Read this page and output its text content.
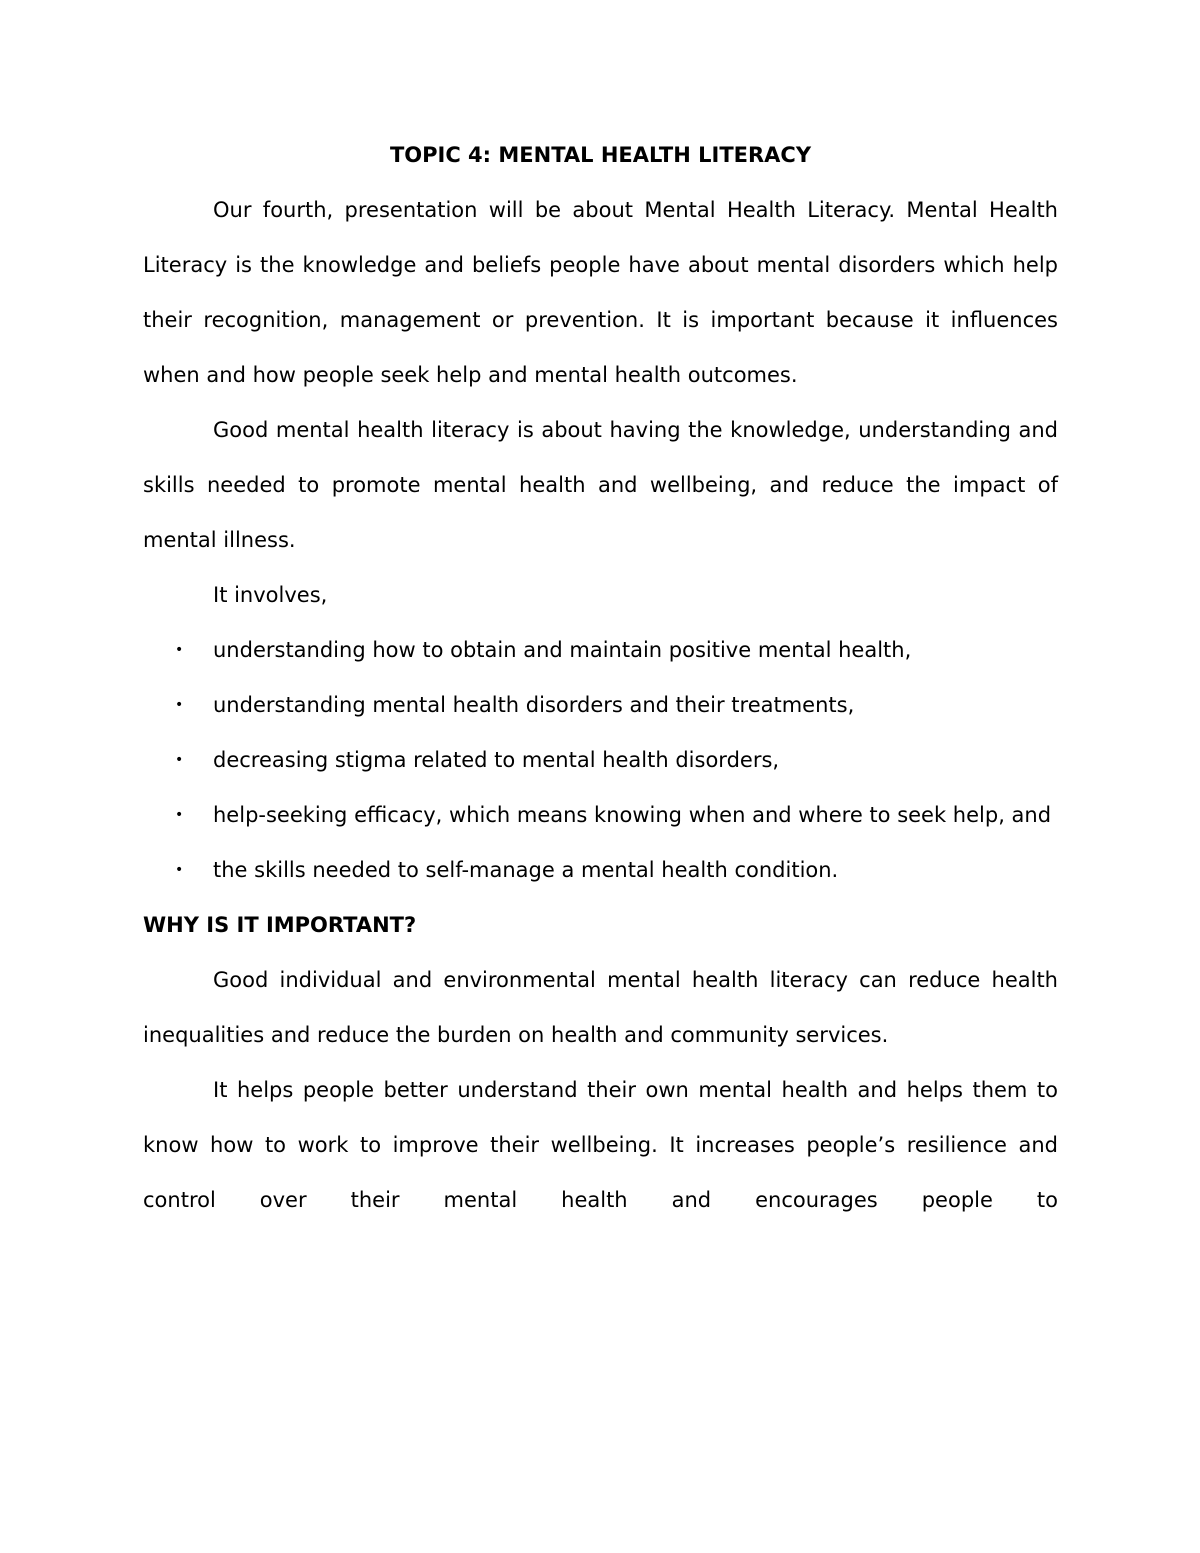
TOPIC 4: MENTAL HEALTH LITERACY

Our fourth, presentation will be about Mental Health Literacy. Mental Health Literacy is the knowledge and beliefs people have about mental disorders which help their recognition, management or prevention. It is important because it influences when and how people seek help and mental health outcomes.

Good mental health literacy is about having the knowledge, understanding and skills needed to promote mental health and wellbeing, and reduce the impact of mental illness.

It involves,

• understanding how to obtain and maintain positive mental health,
• understanding mental health disorders and their treatments,
• decreasing stigma related to mental health disorders,
• help-seeking efficacy, which means knowing when and where to seek help, and
• the skills needed to self-manage a mental health condition.

WHY IS IT IMPORTANT?

Good individual and environmental mental health literacy can reduce health inequalities and reduce the burden on health and community services.

It helps people better understand their own mental health and helps them to know how to work to improve their wellbeing. It increases people’s resilience and control over their mental health and encourages people to
